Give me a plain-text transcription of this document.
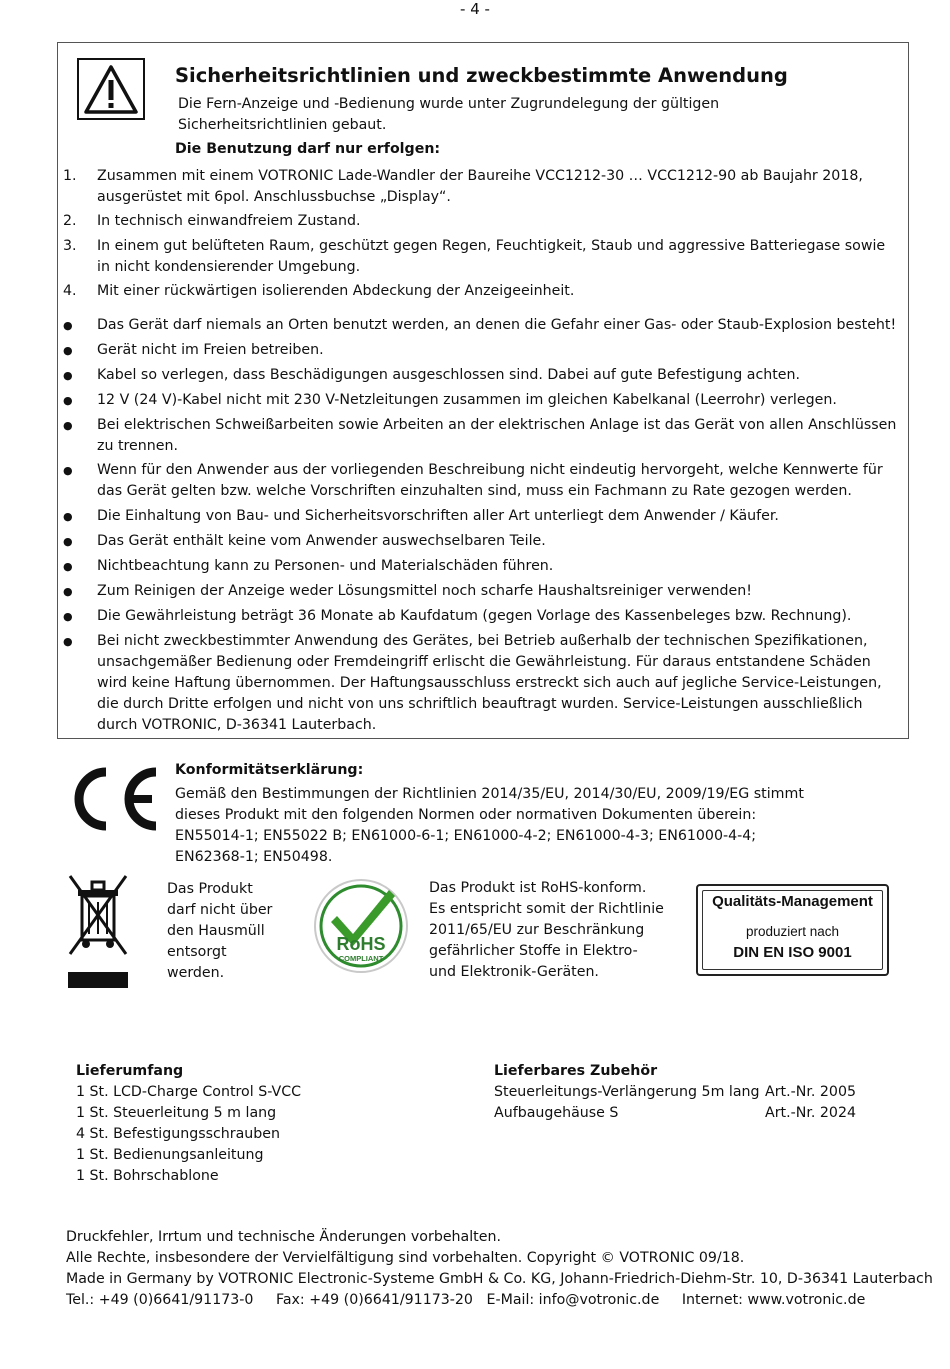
- 4 -
Sicherheitsrichtlinien und zweckbestimmte Anwendung
Die Fern-Anzeige und -Bedienung wurde unter Zugrundelegung der gültigen
Sicherheitsrichtlinien gebaut.
Die Benutzung darf nur erfolgen:
1.	Zusammen mit einem VOTRONIC Lade-Wandler der Baureihe VCC1212-30 … VCC1212-90 ab Baujahr 2018, ausgerüstet mit 6pol. Anschlussbuchse „Display“.
2.	In technisch einwandfreiem Zustand.
3.	In einem gut belüfteten Raum, geschützt gegen Regen, Feuchtigkeit, Staub und aggressive Batteriegase sowie in nicht kondensierender Umgebung.
4.	Mit einer rückwärtigen isolierenden Abdeckung der Anzeigeeinheit.
●	Das Gerät darf niemals an Orten benutzt werden, an denen die Gefahr einer Gas- oder Staub-Explosion besteht!
●	Gerät nicht im Freien betreiben.
●	Kabel so verlegen, dass Beschädigungen ausgeschlossen sind. Dabei auf gute Befestigung achten.
●	12 V (24 V)-Kabel nicht mit 230 V-Netzleitungen zusammen im gleichen Kabelkanal (Leerrohr) verlegen.
●	Bei elektrischen Schweißarbeiten sowie Arbeiten an der elektrischen Anlage ist das Gerät von allen Anschlüssen zu trennen.
●	Wenn für den Anwender aus der vorliegenden Beschreibung nicht eindeutig hervorgeht, welche Kennwerte für das Gerät gelten bzw. welche Vorschriften einzuhalten sind, muss ein Fachmann zu Rate gezogen werden.
●	Die Einhaltung von Bau- und Sicherheitsvorschriften aller Art unterliegt dem Anwender / Käufer.
●	Das Gerät enthält keine vom Anwender auswechselbaren Teile.
●	Nichtbeachtung kann zu Personen- und Materialschäden führen.
●	Zum Reinigen der Anzeige weder Lösungsmittel noch scharfe Haushaltsreiniger verwenden!
●	Die Gewährleistung beträgt 36 Monate ab Kaufdatum (gegen Vorlage des Kassenbeleges bzw. Rechnung).
●	Bei nicht zweckbestimmter Anwendung des Gerätes, bei Betrieb außerhalb der technischen Spezifikationen, unsachgemäßer Bedienung oder Fremdeingriff erlischt die Gewährleistung. Für daraus entstandene Schäden wird keine Haftung übernommen. Der Haftungsausschluss erstreckt sich auch auf jegliche Service-Leistungen, die durch Dritte erfolgen und nicht von uns schriftlich beauftragt wurden. Service-Leistungen ausschließlich durch VOTRONIC, D-36341 Lauterbach.
Konformitätserklärung:
Gemäß den Bestimmungen der Richtlinien 2014/35/EU, 2014/30/EU, 2009/19/EG stimmt
dieses Produkt mit den folgenden Normen oder normativen Dokumenten überein:
EN55014-1; EN55022 B; EN61000-6-1; EN61000-4-2; EN61000-4-3; EN61000-4-4;
EN62368-1; EN50498.
Das Produkt
darf nicht über
den Hausmüll
entsorgt
werden.
RoHS
COMPLIANT
Das Produkt ist RoHS-konform.
Es entspricht somit der Richtlinie
2011/65/EU zur Beschränkung
gefährlicher Stoffe in Elektro-
und Elektronik-Geräten.
Qualitäts-Management
produziert nach
DIN EN ISO 9001
Lieferumfang
1 St. LCD-Charge Control S-VCC
1 St. Steuerleitung 5 m lang
4 St. Befestigungsschrauben
1 St. Bedienungsanleitung
1 St. Bohrschablone
Lieferbares Zubehör
Steuerleitungs-Verlängerung 5m lang Art.-Nr. 2005
Aufbaugehäuse S	Art.-Nr. 2024
Druckfehler, Irrtum und technische Änderungen vorbehalten.
Alle Rechte, insbesondere der Vervielfältigung sind vorbehalten. Copyright © VOTRONIC 09/18.
Made in Germany by VOTRONIC Electronic-Systeme GmbH & Co. KG, Johann-Friedrich-Diehm-Str. 10, D-36341 Lauterbach
Tel.: +49 (0)6641/91173-0     Fax: +49 (0)6641/91173-20   E-Mail: info@votronic.de     Internet: www.votronic.de
